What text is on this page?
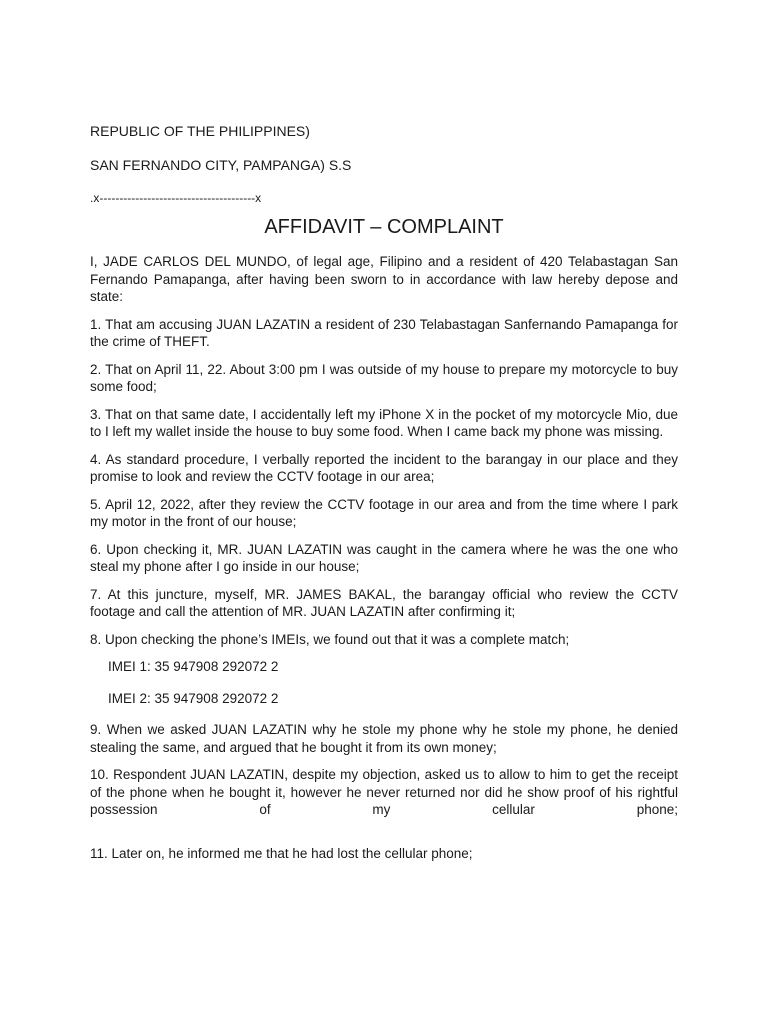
REPUBLIC OF THE PHILIPPINES)

SAN FERNANDO CITY, PAMPANGA) S.S

.x---------------------------------------x

AFFIDAVIT – COMPLAINT

I, JADE CARLOS DEL MUNDO, of legal age, Filipino and a resident of 420 Telabastagan San Fernando Pamapanga, after having been sworn to in accordance with law hereby depose and state:

1. That am accusing JUAN LAZATIN a resident of 230 Telabastagan Sanfernando Pamapanga for the crime of THEFT.

2. That on April 11, 22. About 3:00 pm I was outside of my house to prepare my motorcycle to buy some food;

3. That on that same date, I accidentally left my iPhone X in the pocket of my motorcycle Mio, due to I left my wallet inside the house to buy some food. When I came back my phone was missing.

4. As standard procedure, I verbally reported the incident to the barangay in our place and they promise to look and review the CCTV footage in our area;

5. April 12, 2022, after they review the CCTV footage in our area and from the time where I park my motor in the front of our house;

6. Upon checking it, MR. JUAN LAZATIN was caught in the camera where he was the one who steal my phone after I go inside in our house;

7. At this juncture, myself, MR. JAMES BAKAL, the barangay official who review the CCTV footage and call the attention of MR. JUAN LAZATIN after confirming it;

8. Upon checking the phone’s IMEIs, we found out that it was a complete match;

IMEI 1: 35 947908 292072 2

IMEI 2: 35 947908 292072 2

9. When we asked JUAN LAZATIN why he stole my phone why he stole my phone, he denied stealing the same, and argued that he bought it from its own money;

10. Respondent JUAN LAZATIN, despite my objection, asked us to allow to him to get the receipt of the phone when he bought it, however he never returned nor did he show proof of his rightful possession of my cellular phone;

11. Later on, he informed me that he had lost the cellular phone;
